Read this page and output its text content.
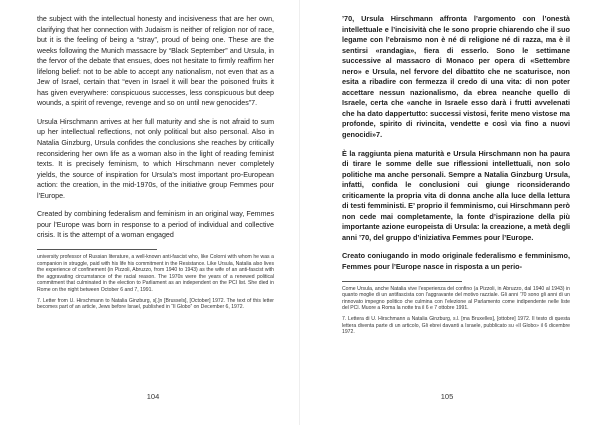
the subject with the intellectual honesty and incisiveness that are her own, clarifying that her connection with Judaism is neither of religion nor of race, but it is the feeling of being a “stray”, proud of being one. These are the weeks following the Munich massacre by “Black September” and Ursula, in the fervor of the debate that ensues, does not hesitate to firmly reaffirm her lifelong belief: not to be able to accept any nationalism, not even that as a Jew of Israel, certain that “even in Israel it will bear the poisoned fruits it has given everywhere: conspicuous successes, less conspicuous but deep wounds, a spirit of revenge, revenge and so on until new genocides”7.

Ursula Hirschmann arrives at her full maturity and she is not afraid to sum up her intellectual reflections, not only political but also personal. Also in Natalia Ginzburg, Ursula confides the conclusions she reaches by critically reconsidering her own life as a woman also in the light of reading feminist texts. It is precisely feminism, to which Hirschmann never completely yields, the source of inspiration for Ursula’s most important pro-European action: the creation, in the mid-1970s, of the initiative group Femmes pour l’Europe.

Created by combining federalism and feminism in an original way, Femmes pour l’Europe was born in response to a period of individual and collective crisis. It is the attempt of a woman engaged

university professor of Russian literature, a well-known anti-fascist who, like Colorni with whom he was a companion in struggle, paid with his life his commitment in the Resistance. Like Ursula, Natalia also lives the experience of confinement (in Pizzoli, Abruzzo, from 1940 to 1943) as the wife of an anti-fascist with the aggravating circumstance of the racial reason. The 1970s were the years of a renewed political commitment that culminated in the election to Parliament as an independent on the PCI list. She died in Rome on the night between October 6 and 7, 1991.

7. Letter from U. Hirschmann to Natalia Ginzburg, s[.]n [Brussels], [October] 1972. The text of this letter becomes part of an article, Jews before Israel, published in “Il Globo” on December 6, 1972.

104

’70, Ursula Hirschmann affronta l’argomento con l’onestà intellettuale e l’incisività che le sono proprie chiarendo che il suo legame con l’ebraismo non è né di religione né di razza, ma è il sentirsi «randagia», fiera di esserlo. Sono le settimane successive al massacro di Monaco per opera di «Settembre nero» e Ursula, nel fervore del dibattito che ne scaturisce, non esita a ribadire con fermezza il credo di una vita: di non poter accettare nessun nazionalismo, da ebrea neanche quello di Israele, certa che «anche in Israele esso darà i frutti avvelenati che ha dato dappertutto: successi vistosi, ferite meno vistose ma profonde, spirito di rivincita, vendette e così via fino a nuovi genocidi»7.

È la raggiunta piena maturità e Ursula Hirschmann non ha paura di tirare le somme delle sue riflessioni intellettuali, non solo politiche ma anche personali. Sempre a Natalia Ginzburg Ursula, infatti, confida le conclusioni cui giunge riconsiderando criticamente la propria vita di donna anche alla luce della lettura di testi femministi. E’ proprio il femminismo, cui Hirschmann però non cede mai completamente, la fonte d’ispirazione della più importante azione europeista di Ursula: la creazione, a metà degli anni ’70, del gruppo d’iniziativa Femmes pour l’Europe.

Creato coniugando in modo originale federalismo e femminismo, Femmes pour l’Europe nasce in risposta a un perio-

Come Ursula, anche Natalia vive l’esperienza del confino (a Pizzoli, in Abruzzo, dal 1940 al 1943) in quanto moglie di un antifascista con l’aggravante del motivo razziale. Gli anni ’70 sono gli anni di un rinnovato impegno politico che culmina con l’elezione al Parlamento come indipendente nelle liste del PCI. Muore a Roma la notte tra il 6 e 7 ottobre 1991.

7. Lettera di U. Hirschmann a Natalia Ginzburg, s.l. [ma Bruxelles], [ottobre] 1972. Il testo di questa lettera diventa parte di un articolo, Gli ebrei davanti a Israele, pubblicato su «Il Globo» il 6 dicembre 1972.

105
